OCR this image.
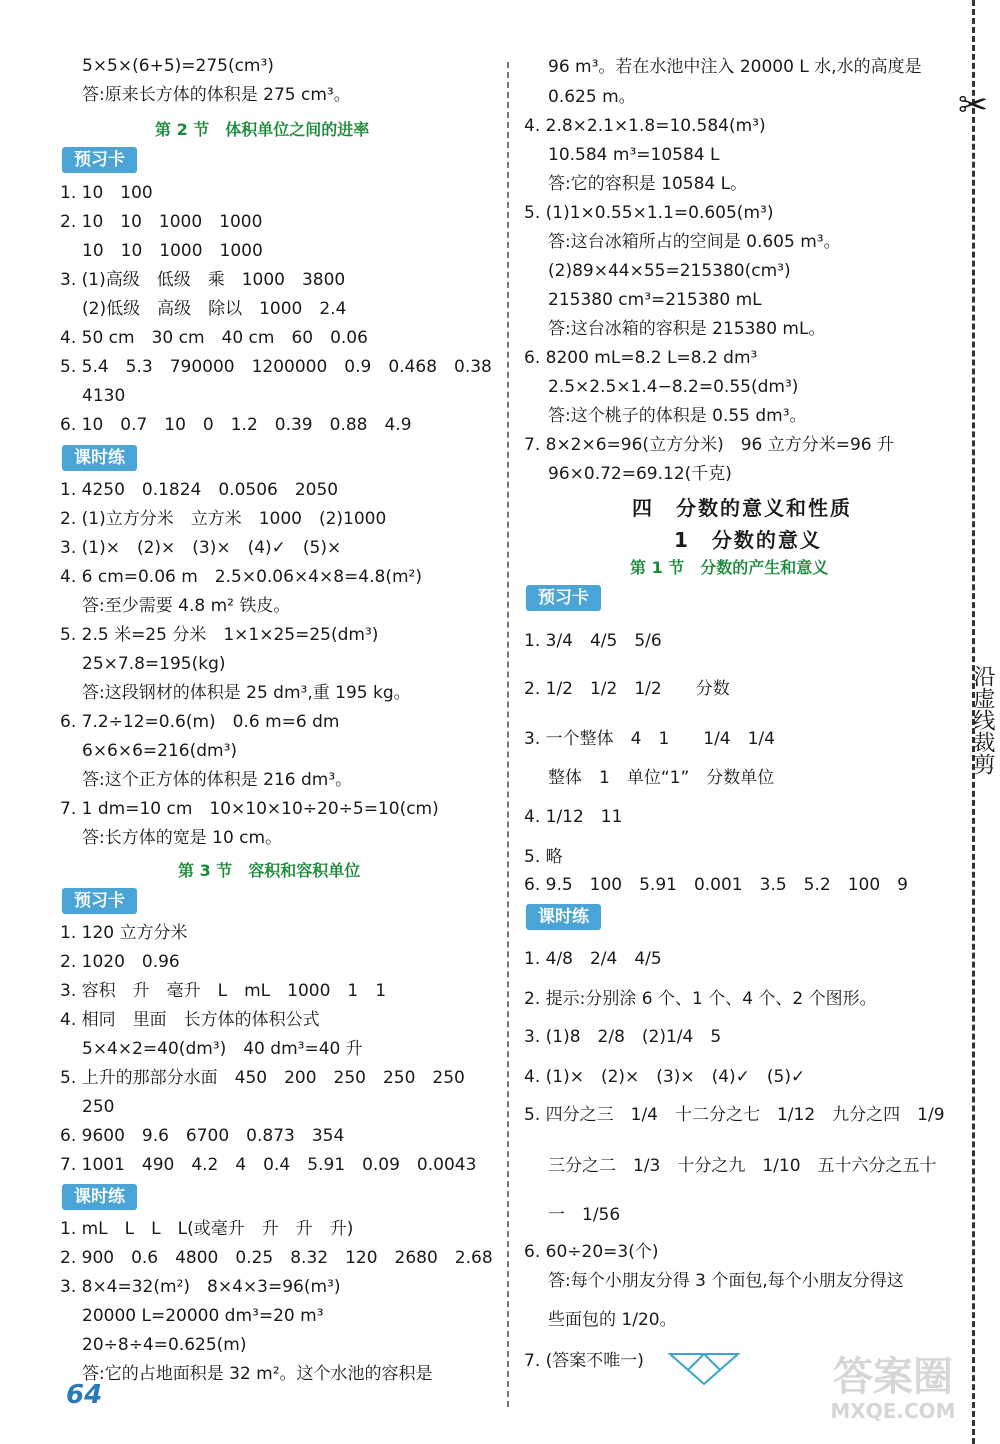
5×5×(6+5)=275(cm³)
答:原来长方体的体积是 275 cm³。
第 2 节　体积单位之间的进率
预习卡
1. 10　100
2. 10　10　1000　1000
10　10　1000　1000
3. (1)高级　低级　乘　1000　3800
(2)低级　高级　除以　1000　2.4
4. 50 cm　30 cm　40 cm　60　0.06
5. 5.4　5.3　790000　1200000　0.9　0.468　0.38
4130
6. 10　0.7　10　0　1.2　0.39　0.88　4.9
课时练
1. 4250　0.1824　0.0506　2050
2. (1)立方分米　立方米　1000　(2)1000
3. (1)×　(2)×　(3)×　(4)✓　(5)×
4. 6 cm=0.06 m　2.5×0.06×4×8=4.8(m²)
答:至少需要 4.8 m² 铁皮。
5. 2.5 米=25 分米　1×1×25=25(dm³)
25×7.8=195(kg)
答:这段钢材的体积是 25 dm³,重 195 kg。
6. 7.2÷12=0.6(m)　0.6 m=6 dm
6×6×6=216(dm³)
答:这个正方体的体积是 216 dm³。
7. 1 dm=10 cm　10×10×10÷20÷5=10(cm)
答:长方体的宽是 10 cm。
第 3 节　容积和容积单位
预习卡
1. 120 立方分米
2. 1020　0.96
3. 容积　升　毫升　L　mL　1000　1　1
4. 相同　里面　长方体的体积公式
5×4×2=40(dm³)　40 dm³=40 升
5. 上升的那部分水面　450　200　250　250　250
250
6. 9600　9.6　6700　0.873　354
7. 1001　490　4.2　4　0.4　5.91　0.09　0.0043
课时练
1. mL　L　L　L(或毫升　升　升　升)
2. 900　0.6　4800　0.25　8.32　120　2680　2.68
3. 8×4=32(m²)　8×4×3=96(m³)
20000 L=20000 dm³=20 m³
20÷8÷4=0.625(m)
答:它的占地面积是 32 m²。这个水池的容积是
96 m³。若在水池中注入 20000 L 水,水的高度是
0.625 m。
4. 2.8×2.1×1.8=10.584(m³)
10.584 m³=10584 L
答:它的容积是 10584 L。
5. (1)1×0.55×1.1=0.605(m³)
答:这台冰箱所占的空间是 0.605 m³。
(2)89×44×55=215380(cm³)
215380 cm³=215380 mL
答:这台冰箱的容积是 215380 mL。
6. 8200 mL=8.2 L=8.2 dm³
2.5×2.5×1.4−8.2=0.55(dm³)
答:这个桃子的体积是 0.55 dm³。
7. 8×2×6=96(立方分米)　96 立方分米=96 升
96×0.72=69.12(千克)
四　分数的意义和性质
1　分数的意义
第 1 节　分数的产生和意义
预习卡
1. 3/4　4/5　5/6
2. 1/2　1/2　1/2　　分数
3. 一个整体　4　1　　1/4　1/4
整体　1　单位“1”　分数单位
4. 1/12　11
5. 略
6. 9.5　100　5.91　0.001　3.5　5.2　100　9
课时练
1. 4/8　2/4　4/5
2. 提示:分别涂 6 个、1 个、4 个、2 个图形。
3. (1)8　2/8　(2)1/4　5
4. (1)×　(2)×　(3)×　(4)✓　(5)✓
5. 四分之三　1/4　十二分之七　1/12　九分之四　1/9
三分之二　1/3　十分之九　1/10　五十六分之五十
一　1/56
6. 60÷20=3(个)
答:每个小朋友分得 3 个面包,每个小朋友分得这
些面包的 1/20。
7. (答案不唯一)
✂
沿虚线裁剪
64	答案圈
MXQE.COM
